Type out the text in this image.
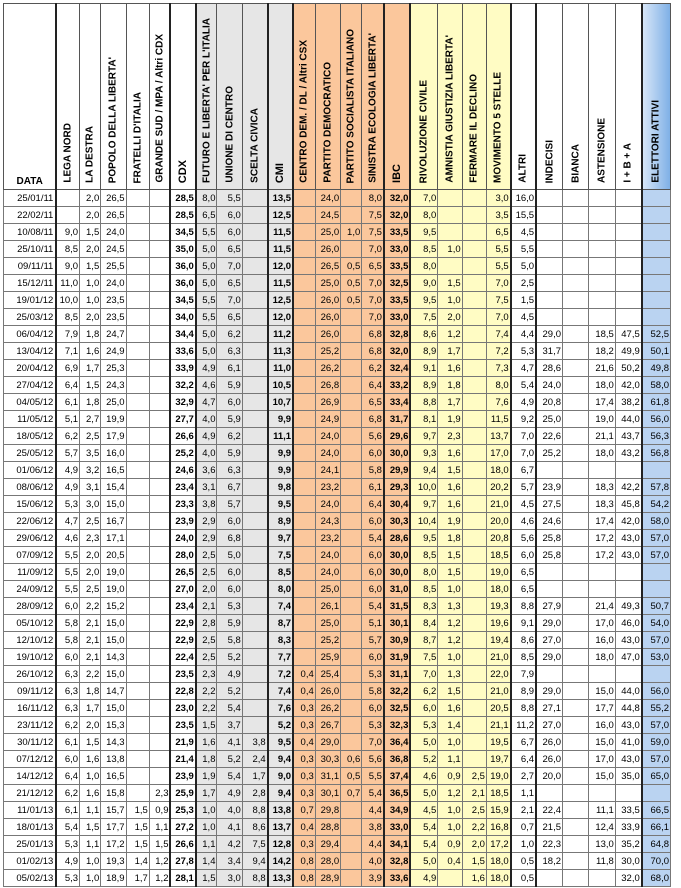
DATA	LEGA NORD	LA DESTRA	POPOLO DELLA LIBERTA'	FRATELLI D'ITALIA	GRANDE SUD / MPA / Altri CDX	CDX	FUTURO E LIBERTA' PER L'ITALIA	UNIONE DI CENTRO	SCELTA CIVICA	CMI	CENTRO DEM. / DL / Altri CSX	PARTITO DEMOCRATICO	PARTITO SOCIALISTA ITALIANO	SINISTRA ECOLOGIA LIBERTA'	IBC	RIVOLUZIONE CIVILE	AMNISTIA GIUSTIZIA LIBERTA'	FERMARE IL DECLINO	MOVIMENTO 5 STELLE	ALTRI	INDECISI	BIANCA	ASTENSIONE	I + B + A	ELETTORI ATTIVI

25/01/11		2,0	26,5			28,5	8,0	5,5		13,5		24,0		8,0	32,0	7,0			3,0	16,0					
22/02/11		2,0	26,5			28,5	6,5	6,0		12,5		24,5		7,5	32,0	8,0			3,5	15,5					
10/08/11	9,0	1,5	24,0			34,5	5,5	6,0		11,5		25,0	1,0	7,5	33,5	9,5			6,5	4,5					
25/10/11	8,5	2,0	24,5			35,0	5,0	6,5		11,5		26,0		7,0	33,0	8,5	1,0		5,5	5,5					
09/11/11	9,0	1,5	25,5			36,0	5,0	7,0		12,0		26,5	0,5	6,5	33,5	8,0			5,5	5,0					
15/12/11	11,0	1,0	24,0			36,0	5,0	6,5		11,5		25,0	0,5	7,0	32,5	9,0	1,5		7,0	2,5					
19/01/12	10,0	1,0	23,5			34,5	5,5	7,0		12,5		26,0	0,5	7,0	33,5	9,5	1,0		7,5	1,5					
25/03/12	8,5	2,0	23,5			34,0	5,5	6,5		12,0		26,0		7,0	33,0	7,5	2,0		7,0	4,5					
06/04/12	7,9	1,8	24,7			34,4	5,0	6,2		11,2		26,0		6,8	32,8	8,6	1,2		7,4	4,4	29,0		18,5	47,5	52,5
13/04/12	7,1	1,6	24,9			33,6	5,0	6,3		11,3		25,2		6,8	32,0	8,9	1,7		7,2	5,3	31,7		18,2	49,9	50,1
20/04/12	6,9	1,7	25,3			33,9	4,9	6,1		11,0		26,2		6,2	32,4	9,1	1,6		7,3	4,7	28,6		21,6	50,2	49,8
27/04/12	6,4	1,5	24,3			32,2	4,6	5,9		10,5		26,8		6,4	33,2	8,9	1,8		8,0	5,4	24,0		18,0	42,0	58,0
04/05/12	6,1	1,8	25,0			32,9	4,7	6,0		10,7		26,9		6,5	33,4	8,8	1,7		7,6	4,9	20,8		17,4	38,2	61,8
11/05/12	5,1	2,7	19,9			27,7	4,0	5,9		9,9		24,9		6,8	31,7	8,1	1,9		11,5	9,2	25,0		19,0	44,0	56,0
18/05/12	6,2	2,5	17,9			26,6	4,9	6,2		11,1		24,0		5,6	29,6	9,7	2,3		13,7	7,0	22,6		21,1	43,7	56,3
25/05/12	5,7	3,5	16,0			25,2	4,0	5,9		9,9		24,0		6,0	30,0	9,3	1,6		17,0	7,0	25,2		18,0	43,2	56,8
01/06/12	4,9	3,2	16,5			24,6	3,6	6,3		9,9		24,1		5,8	29,9	9,4	1,5		18,0	6,7					
08/06/12	4,9	3,1	15,4			23,4	3,1	6,7		9,8		23,2		6,1	29,3	10,0	1,6		20,2	5,7	23,9		18,3	42,2	57,8
15/06/12	5,3	3,0	15,0			23,3	3,8	5,7		9,5		24,0		6,4	30,4	9,7	1,6		21,0	4,5	27,5		18,3	45,8	54,2
22/06/12	4,7	2,5	16,7			23,9	2,9	6,0		8,9		24,3		6,0	30,3	10,4	1,9		20,0	4,6	24,6		17,4	42,0	58,0
29/06/12	4,6	2,3	17,1			24,0	2,9	6,8		9,7		23,2		5,4	28,6	9,5	1,8		20,8	5,6	25,8		17,2	43,0	57,0
07/09/12	5,5	2,0	20,5			28,0	2,5	5,0		7,5		24,0		6,0	30,0	8,5	1,5		18,5	6,0	25,8		17,2	43,0	57,0
11/09/12	5,5	2,0	19,0			26,5	2,5	6,0		8,5		24,0		6,0	30,0	8,0	1,5		19,0	6,5					
24/09/12	5,5	2,5	19,0			27,0	2,0	6,0		8,0		25,0		6,0	31,0	8,5	1,0		18,0	6,5					
28/09/12	6,0	2,2	15,2			23,4	2,1	5,3		7,4		26,1		5,4	31,5	8,3	1,3		19,3	8,8	27,9		21,4	49,3	50,7
05/10/12	5,8	2,1	15,0			22,9	2,8	5,9		8,7		25,0		5,1	30,1	8,4	1,2		19,6	9,1	29,0		17,0	46,0	54,0
12/10/12	5,8	2,1	15,0			22,9	2,5	5,8		8,3		25,2		5,7	30,9	8,7	1,2		19,4	8,6	27,0		16,0	43,0	57,0
19/10/12	6,0	2,1	14,3			22,4	2,5	5,2		7,7		25,9		6,0	31,9	7,5	1,0		21,0	8,5	29,0		18,0	47,0	53,0
26/10/12	6,3	2,2	15,0			23,5	2,3	4,9		7,2	0,4	25,4		5,3	31,1	7,0	1,3		22,0	7,9					
09/11/12	6,3	1,8	14,7			22,8	2,2	5,2		7,4	0,4	26,0		5,8	32,2	6,2	1,5		21,0	8,9	29,0		15,0	44,0	56,0
16/11/12	6,3	1,7	15,0			23,0	2,2	5,4		7,6	0,3	26,2		6,0	32,5	6,0	1,6		20,5	8,8	27,1		17,7	44,8	55,2
23/11/12	6,2	2,0	15,3			23,5	1,5	3,7		5,2	0,3	26,7		5,3	32,3	5,3	1,4		21,1	11,2	27,0		16,0	43,0	57,0
30/11/12	6,1	1,5	14,3			21,9	1,6	4,1	3,8	9,5	0,4	29,0		7,0	36,4	5,0	1,0		19,5	6,7	26,0		15,0	41,0	59,0
07/12/12	6,0	1,6	13,8			21,4	1,8	5,2	2,4	9,4	0,3	30,3	0,6	5,6	36,8	5,2	1,1		19,7	6,4	26,0		17,0	43,0	57,0
14/12/12	6,4	1,0	16,5			23,9	1,9	5,4	1,7	9,0	0,3	31,1	0,5	5,5	37,4	4,6	0,9	2,5	19,0	2,7	20,0		15,0	35,0	65,0
21/12/12	6,2	1,6	15,8		2,3	25,9	1,7	4,9	2,8	9,4	0,3	30,1	0,7	5,4	36,5	5,0	1,2	2,1	18,5	1,1					
11/01/13	6,1	1,1	15,7	1,5	0,9	25,3	1,0	4,0	8,8	13,8	0,7	29,8		4,4	34,9	4,5	1,0	2,5	15,9	2,1	22,4		11,1	33,5	66,5
18/01/13	5,4	1,5	17,7	1,5	1,1	27,2	1,0	4,1	8,6	13,7	0,4	28,8		3,8	33,0	5,4	1,0	2,2	16,8	0,7	21,5		12,4	33,9	66,1
25/01/13	5,3	1,1	17,2	1,5	1,5	26,6	1,1	4,2	7,5	12,8	0,3	29,4		4,4	34,1	5,4	0,9	2,0	17,2	1,0	22,3		13,0	35,2	64,8
01/02/13	4,9	1,0	19,3	1,4	1,2	27,8	1,4	3,4	9,4	14,2	0,8	28,0		4,0	32,8	5,0	0,4	1,5	18,0	0,5	18,2		11,8	30,0	70,0
05/02/13	5,3	1,0	18,9	1,7	1,2	28,1	1,5	3,0	8,8	13,3	0,8	28,9		3,9	33,6	4,9		1,6	18,0	0,5				32,0	68,0
